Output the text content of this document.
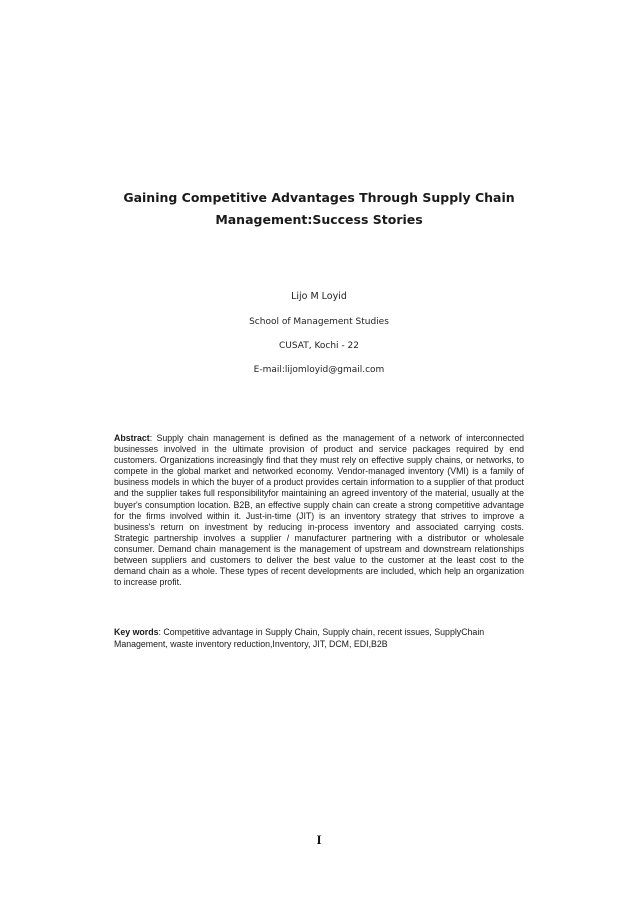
Gaining Competitive Advantages Through Supply Chain
Management:Success Stories

Lijo M Loyid

School of Management Studies

CUSAT, Kochi - 22

E-mail:lijomloyid@gmail.com

Abstract: Supply chain management is defined as the management of a network of interconnected businesses involved in the ultimate provision of product and service packages required by end customers. Organizations increasingly find that they must rely on effective supply chains, or networks, to compete in the global market and networked economy. Vendor-managed inventory (VMI) is a family of business models in which the buyer of a product provides certain information to a supplier of that product and the supplier takes full responsibilityfor maintaining an agreed inventory of the material, usually at the buyer's consumption location. B2B, an effective supply chain can create a strong competitive advantage for the firms involved within it. Just-in-time (JIT) is an inventory strategy that strives to improve a business's return on investment by reducing in-process inventory and associated carrying costs. Strategic partnership involves a supplier / manufacturer partnering with a distributor or wholesale consumer. Demand chain management is the management of upstream and downstream relationships between suppliers and customers to deliver the best value to the customer at the least cost to the demand chain as a whole. These types of recent developments are included, which help an organization to increase profit.

Key words: Competitive advantage in Supply Chain, Supply chain, recent issues, SupplyChain Management, waste inventory reduction,Inventory, JIT, DCM, EDI,B2B

I
